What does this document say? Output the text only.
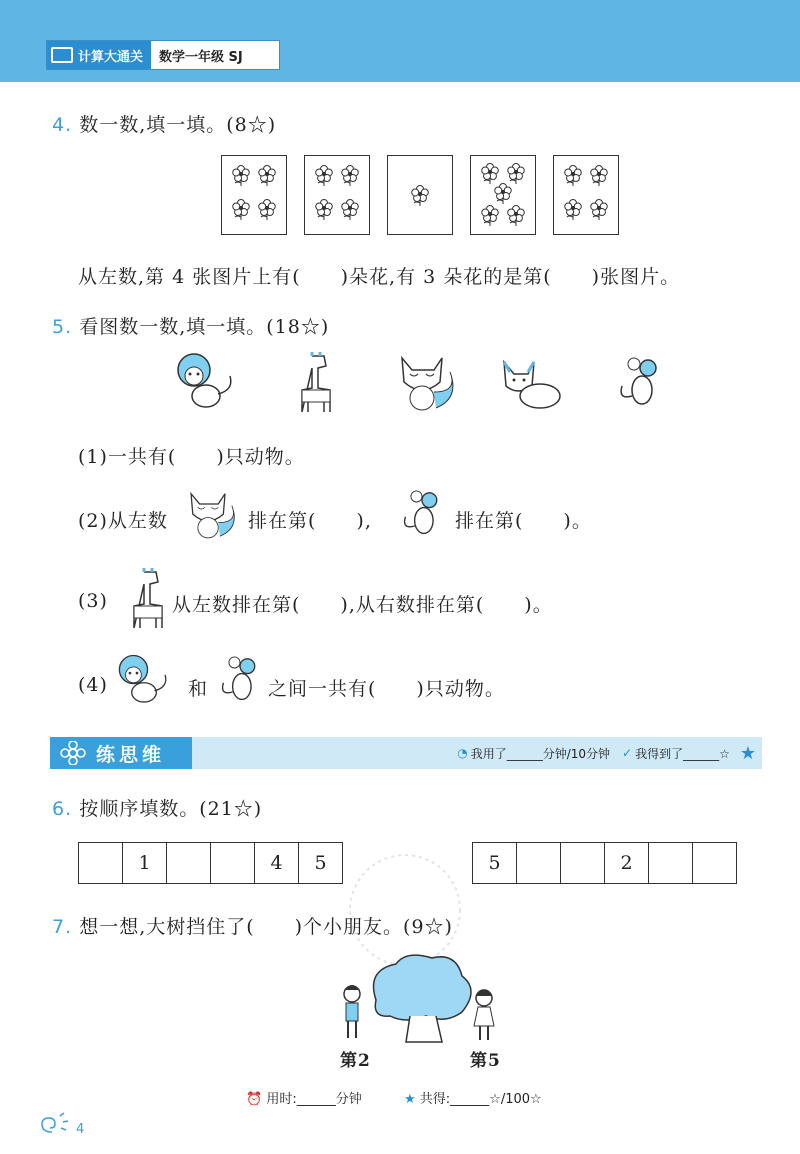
计算大通关	数学一年级 SJ
4. 数一数,填一填。(8☆)
从左数,第 4 张图片上有(　　)朵花,有 3 朵花的是第(　　)张图片。
5. 看图数一数,填一填。(18☆)
(1)一共有(　　)只动物。
(2)从左数	排在第(　　),	排在第(　　)。
(3)	从左数排在第(　　),从右数排在第(　　)。
(4)	和	之间一共有(　　)只动物。
练思维	◔ 我用了______分钟/10分钟 ✓ 我得到了______☆ ★
6. 按顺序填数。(21☆)
	1			4	5	5			2		
7. 想一想,大树挡住了(　　)个小朋友。(9☆)
第2	第5
⏰ 用时:______分钟	★ 共得:______☆/100☆
4
